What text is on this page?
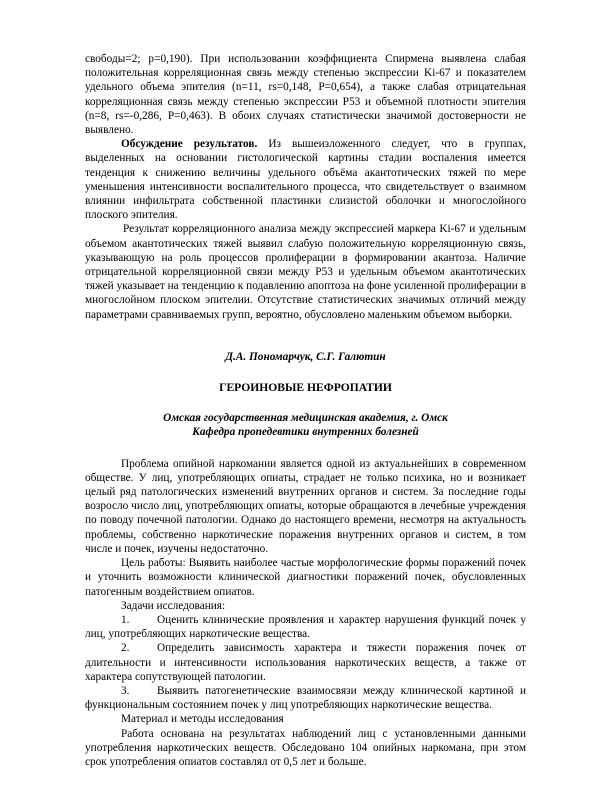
свободы=2; p=0,190). При использовании коэффициента Спирмена выявлена слабая положительная корреляционная связь между степенью экспрессии Ki-67 и показателем удельного объема эпителия (n=11, rs=0,148, P=0,654), а также слабая отрицательная корреляционная связь между степенью экспрессии P53 и объемной плотности эпителия (n=8, rs=-0,286, P=0,463). В обоих случаях статистически значимой достоверности не выявлено.

Обсуждение результатов. Из вышеизложенного следует, что в группах, выделенных на основании гистологической картины стадии воспаления имеется тенденция к снижению величины удельного объёма акантотических тяжей по мере уменьшения интенсивности воспалительного процесса, что свидетельствует о взаимном влиянии инфильтрата собственной пластинки слизистой оболочки и многослойного плоского эпителия.

Результат корреляционного анализа между экспрессией маркера Ki-67 и удельным объемом акантотических тяжей выявил слабую положительную корреляционную связь, указывающую на роль процессов пролиферации в формировании акантоза. Наличие отрицательной корреляционной связи между P53 и удельным объемом акантотических тяжей указывает на тенденцию к подавлению апоптоза на фоне усиленной пролиферации в многослойном плоском эпителии. Отсутствие статистических значимых отличий между параметрами сравниваемых групп, вероятно, обусловлено маленьким объемом выборки.

Д.А. Пономарчук, С.Г. Галютин

ГЕРОИНОВЫЕ НЕФРОПАТИИ

Омская государственная медицинская академия, г. Омск

Кафедра пропедевтики внутренних болезней

Проблема опийной наркомании является одной из актуальнейших в современном обществе. У лиц, употребляющих опиаты, страдает не только психика, но и возникает целый ряд патологических изменений внутренних органов и систем. За последние годы возросло число лиц, употребляющих опиаты, которые обращаются в лечебные учреждения по поводу почечной патологии. Однако до настоящего времени, несмотря на актуальность проблемы, собственно наркотические поражения внутренних органов и систем, в том числе и почек, изучены недостаточно.

Цель работы: Выявить наиболее частые морфологические формы поражений почек и уточнить возможности клинической диагностики поражений почек, обусловленных патогенным воздействием опиатов.

Задачи исследования:

1. Оценить клинические проявления и характер нарушения функций почек у лиц, употребляющих наркотические вещества.

2. Определить зависимость характера и тяжести поражения почек от длительности и интенсивности использования наркотических веществ, а также от характера сопутствующей патологии.

3. Выявить патогенетические взаимосвязи между клинической картиной и функциональным состоянием почек у лиц употребляющих наркотические вещества.

Материал и методы исследования

Работа основана на результатах наблюдений лиц с установленными данными употребления наркотических веществ. Обследовано 104 опийных наркомана, при этом срок употребления опиатов составлял от 0,5 лет и больше.
